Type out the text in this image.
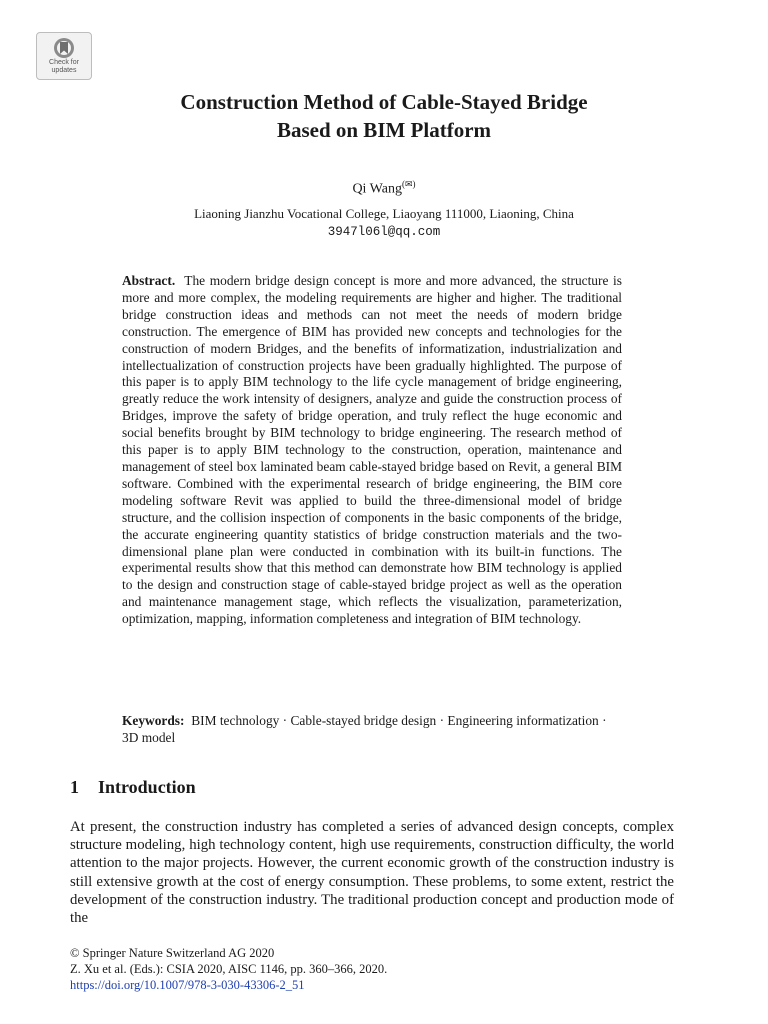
Check for
updates
Construction Method of Cable-Stayed Bridge
Based on BIM Platform
Qi Wang(✉)
Liaoning Jianzhu Vocational College, Liaoyang 111000, Liaoning, China
3947l06l@qq.com

Abstract. The modern bridge design concept is more and more advanced, the structure is more and more complex, the modeling requirements are higher and higher. The traditional bridge construction ideas and methods can not meet the needs of modern bridge construction. The emergence of BIM has provided new concepts and technologies for the construction of modern Bridges, and the benefits of informatization, industrialization and intellectualization of construction projects have been gradually highlighted. The purpose of this paper is to apply BIM technology to the life cycle management of bridge engineering, greatly reduce the work intensity of designers, analyze and guide the construction process of Bridges, improve the safety of bridge operation, and truly reflect the huge economic and social benefits brought by BIM technology to bridge engineering. The research method of this paper is to apply BIM technology to the construction, operation, maintenance and management of steel box laminated beam cable-stayed bridge based on Revit, a general BIM software. Combined with the experimental research of bridge engineering, the BIM core modeling software Revit was applied to build the three-dimensional model of bridge structure, and the collision inspection of components in the basic components of the bridge, the accurate engineering quantity statistics of bridge construction materials and the two-dimensional plane plan were conducted in combination with its built-in functions. The experimental results show that this method can demonstrate how BIM technology is applied to the design and construction stage of cable-stayed bridge project as well as the operation and maintenance management stage, which reflects the visualization, parameterization, optimization, mapping, information completeness and integration of BIM technology.

Keywords: BIM technology · Cable-stayed bridge design · Engineering informatization · 3D model

1 Introduction

At present, the construction industry has completed a series of advanced design concepts, complex structure modeling, high technology content, high use requirements, construction difficulty, the world attention to the major projects. However, the current economic growth of the construction industry is still extensive growth at the cost of energy consumption. These problems, to some extent, restrict the development of the construction industry. The traditional production concept and production mode of the

© Springer Nature Switzerland AG 2020
Z. Xu et al. (Eds.): CSIA 2020, AISC 1146, pp. 360–366, 2020.
https://doi.org/10.1007/978-3-030-43306-2_51
